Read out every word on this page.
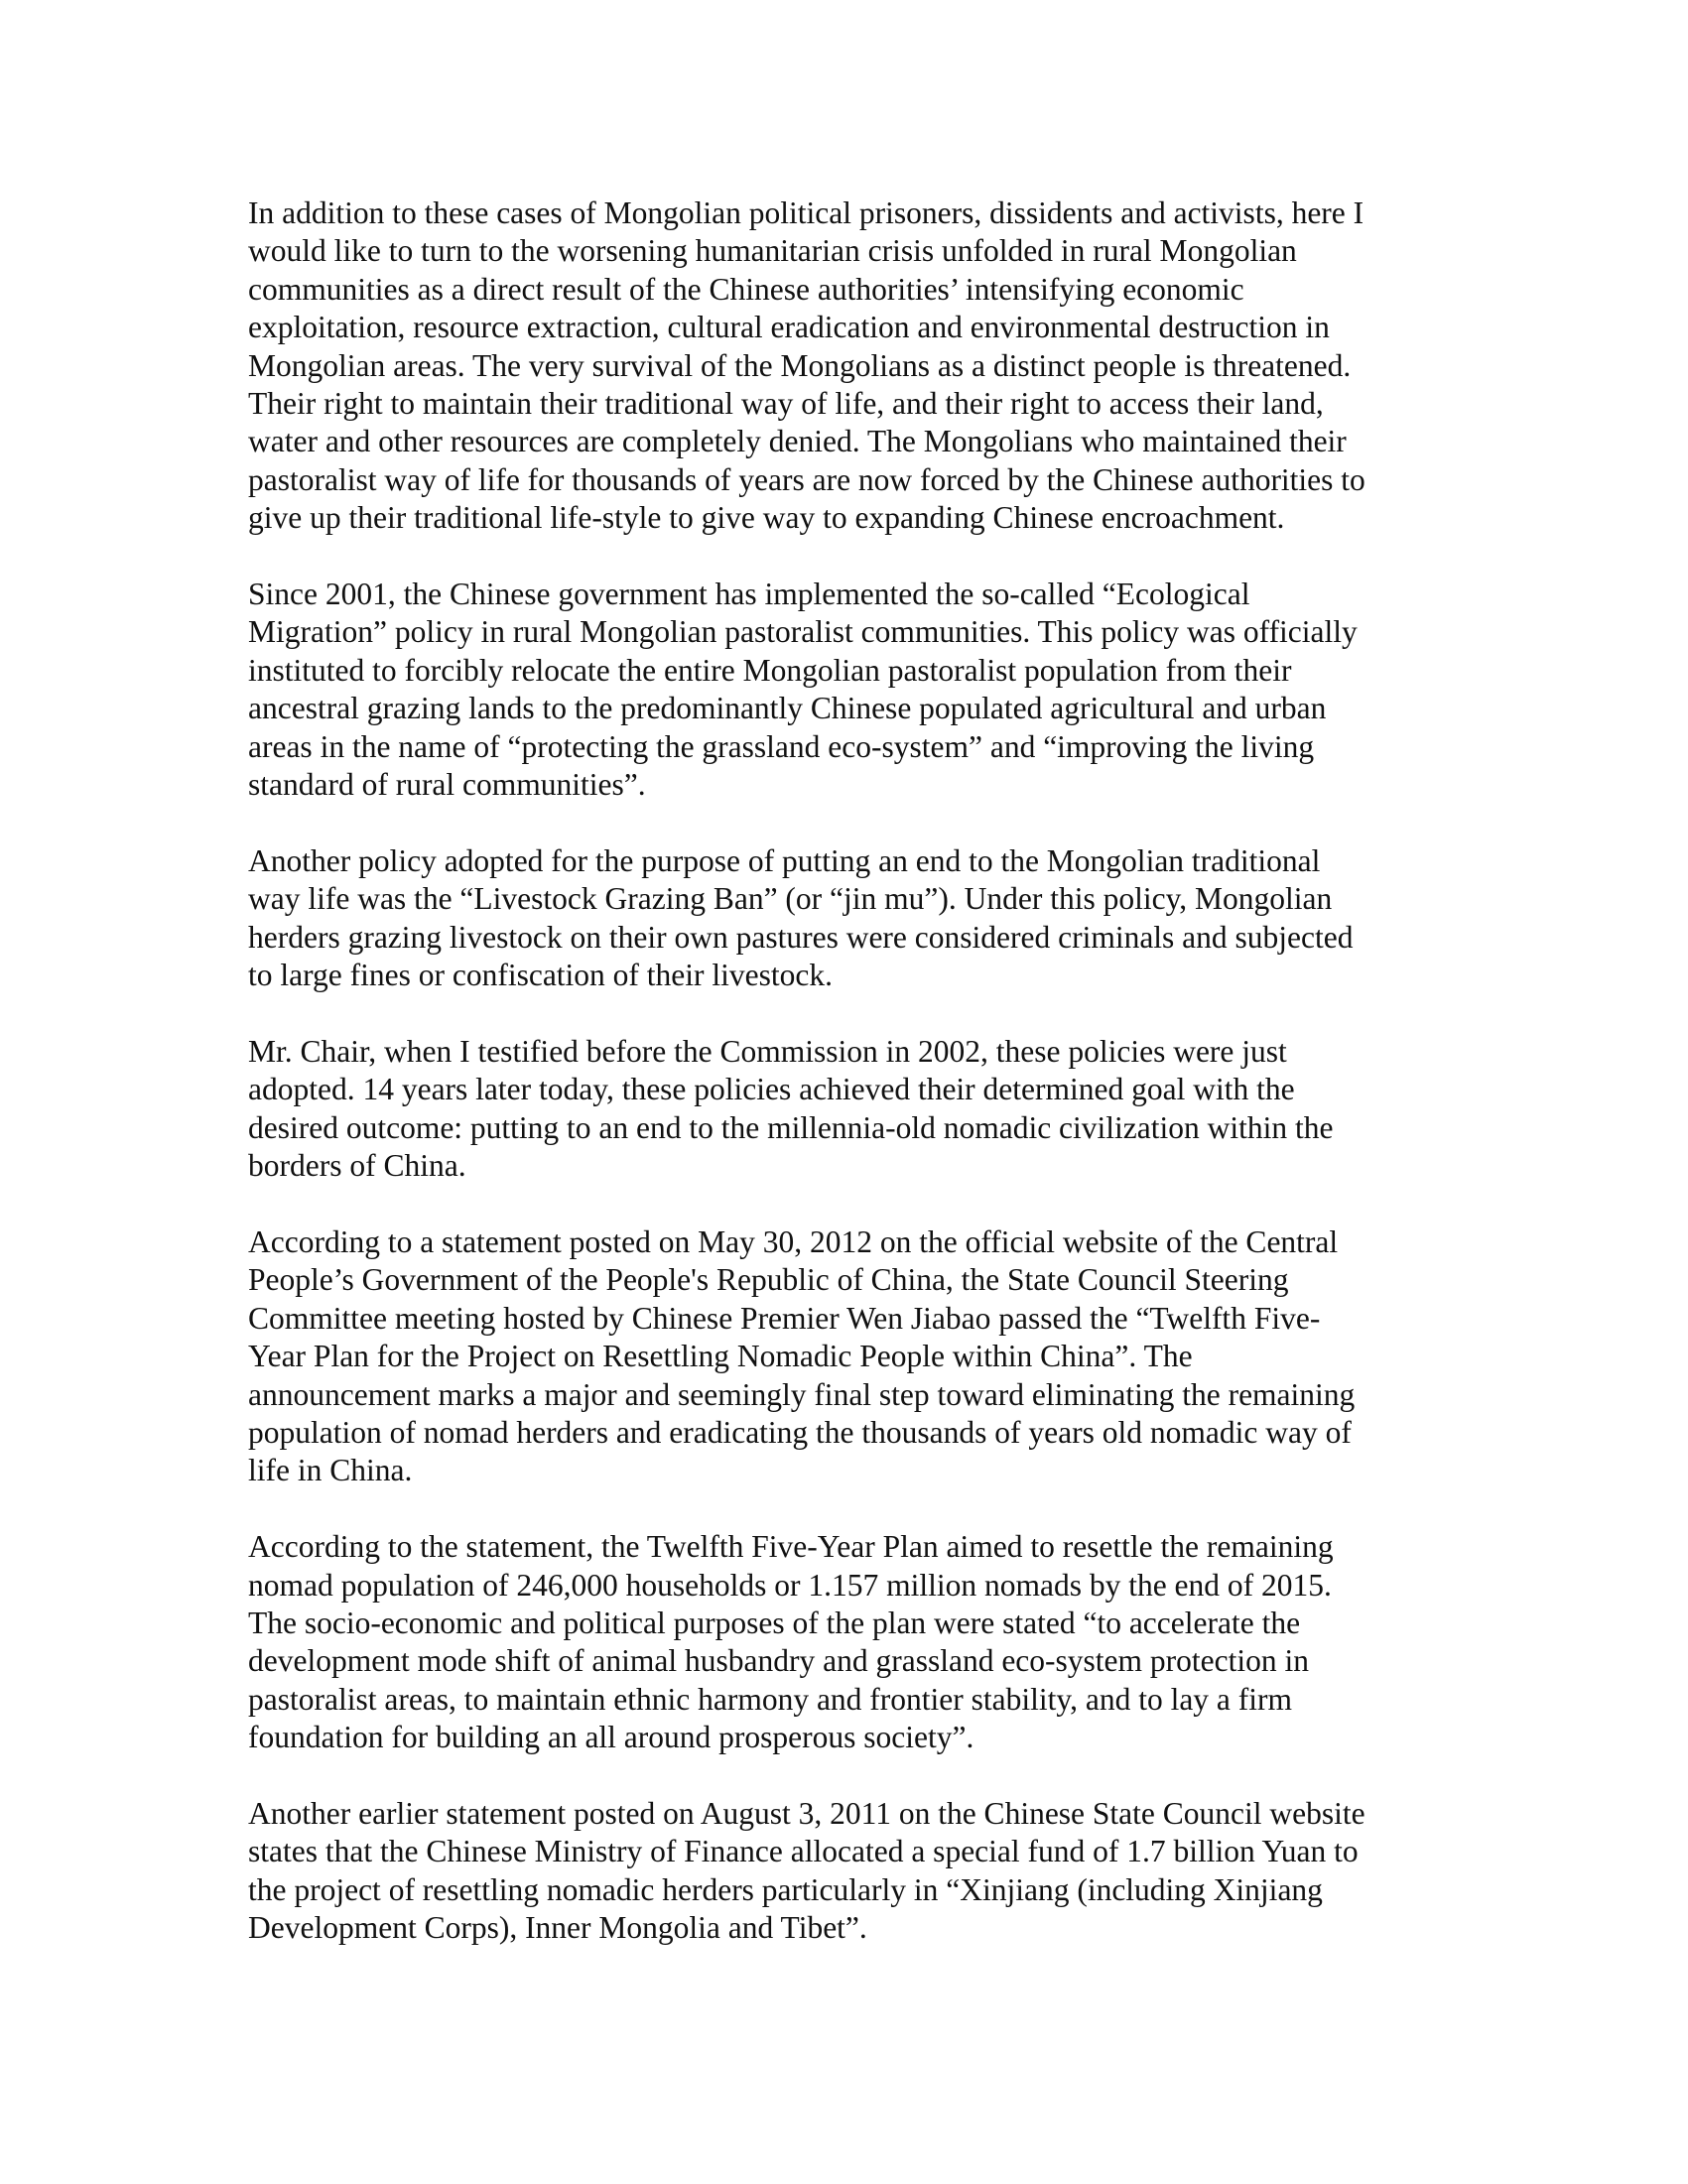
In addition to these cases of Mongolian political prisoners, dissidents and activists, here I
would like to turn to the worsening humanitarian crisis unfolded in rural Mongolian
communities as a direct result of the Chinese authorities’ intensifying economic
exploitation, resource extraction, cultural eradication and environmental destruction in
Mongolian areas. The very survival of the Mongolians as a distinct people is threatened.
Their right to maintain their traditional way of life, and their right to access their land,
water and other resources are completely denied. The Mongolians who maintained their
pastoralist way of life for thousands of years are now forced by the Chinese authorities to
give up their traditional life-style to give way to expanding Chinese encroachment.

Since 2001, the Chinese government has implemented the so-called “Ecological
Migration” policy in rural Mongolian pastoralist communities. This policy was officially
instituted to forcibly relocate the entire Mongolian pastoralist population from their
ancestral grazing lands to the predominantly Chinese populated agricultural and urban
areas in the name of “protecting the grassland eco-system” and “improving the living
standard of rural communities”.

Another policy adopted for the purpose of putting an end to the Mongolian traditional
way life was the “Livestock Grazing Ban” (or “jin mu”). Under this policy, Mongolian
herders grazing livestock on their own pastures were considered criminals and subjected
to large fines or confiscation of their livestock.

Mr. Chair, when I testified before the Commission in 2002, these policies were just
adopted. 14 years later today, these policies achieved their determined goal with the
desired outcome: putting to an end to the millennia-old nomadic civilization within the
borders of China.

According to a statement posted on May 30, 2012 on the official website of the Central
People’s Government of the People's Republic of China, the State Council Steering
Committee meeting hosted by Chinese Premier Wen Jiabao passed the “Twelfth Five-
Year Plan for the Project on Resettling Nomadic People within China”. The
announcement marks a major and seemingly final step toward eliminating the remaining
population of nomad herders and eradicating the thousands of years old nomadic way of
life in China.

According to the statement, the Twelfth Five-Year Plan aimed to resettle the remaining
nomad population of 246,000 households or 1.157 million nomads by the end of 2015.
The socio-economic and political purposes of the plan were stated “to accelerate the
development mode shift of animal husbandry and grassland eco-system protection in
pastoralist areas, to maintain ethnic harmony and frontier stability, and to lay a firm
foundation for building an all around prosperous society”.

Another earlier statement posted on August 3, 2011 on the Chinese State Council website
states that the Chinese Ministry of Finance allocated a special fund of 1.7 billion Yuan to
the project of resettling nomadic herders particularly in “Xinjiang (including Xinjiang
Development Corps), Inner Mongolia and Tibet”.
